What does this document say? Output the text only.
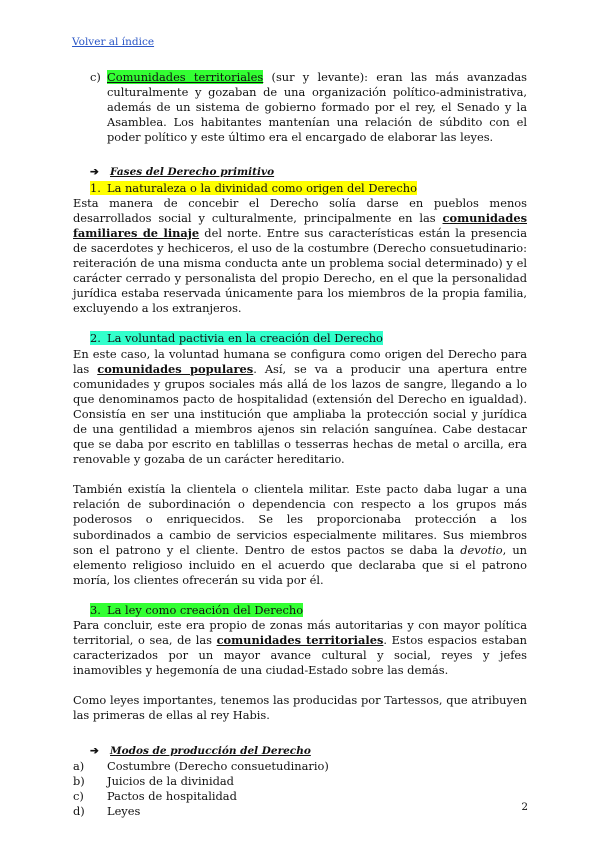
Volver al índice
c) Comunidades territoriales (sur y levante): eran las más avanzadas culturalmente y gozaban de una organización político-administrativa, además de un sistema de gobierno formado por el rey, el Senado y la Asamblea. Los habitantes mantenían una relación de súbdito con el poder político y este último era el encargado de elaborar las leyes.

➔ Fases del Derecho primitivo
1. La naturaleza o la divinidad como origen del Derecho

Esta manera de concebir el Derecho solía darse en pueblos menos desarrollados social y culturalmente, principalmente en las comunidades familiares de linaje del norte. Entre sus características están la presencia de sacerdotes y hechiceros, el uso de la costumbre (Derecho consuetudinario: reiteración de una misma conducta ante un problema social determinado) y el carácter cerrado y personalista del propio Derecho, en el que la personalidad jurídica estaba reservada únicamente para los miembros de la propia familia, excluyendo a los extranjeros.

2. La voluntad pactivia en la creación del Derecho

En este caso, la voluntad humana se configura como origen del Derecho para las comunidades populares. Así, se va a producir una apertura entre comunidades y grupos sociales más allá de los lazos de sangre, llegando a lo que denominamos pacto de hospitalidad (extensión del Derecho en igualdad). Consistía en ser una institución que ampliaba la protección social y jurídica de una gentilidad a miembros ajenos sin relación sanguínea. Cabe destacar que se daba por escrito en tablillas o tesserras hechas de metal o arcilla, era renovable y gozaba de un carácter hereditario.

También existía la clientela o clientela militar. Este pacto daba lugar a una relación de subordinación o dependencia con respecto a los grupos más poderosos o enriquecidos. Se les proporcionaba protección a los subordinados a cambio de servicios especialmente militares. Sus miembros son el patrono y el cliente. Dentro de estos pactos se daba la devotio, un elemento religioso incluido en el acuerdo que declaraba que si el patrono moría, los clientes ofrecerán su vida por él.

3. La ley como creación del Derecho

Para concluir, este era propio de zonas más autoritarias y con mayor política territorial, o sea, de las comunidades territoriales. Estos espacios estaban caracterizados por un mayor avance cultural y social, reyes y jefes inamovibles y hegemonía de una ciudad-Estado sobre las demás.

Como leyes importantes, tenemos las producidas por Tartessos, que atribuyen las primeras de ellas al rey Habis.

➔ Modos de producción del Derecho
a)	Costumbre (Derecho consuetudinario)
b)	Juicios de la divinidad
c)	Pactos de hospitalidad
d)	Leyes	2
